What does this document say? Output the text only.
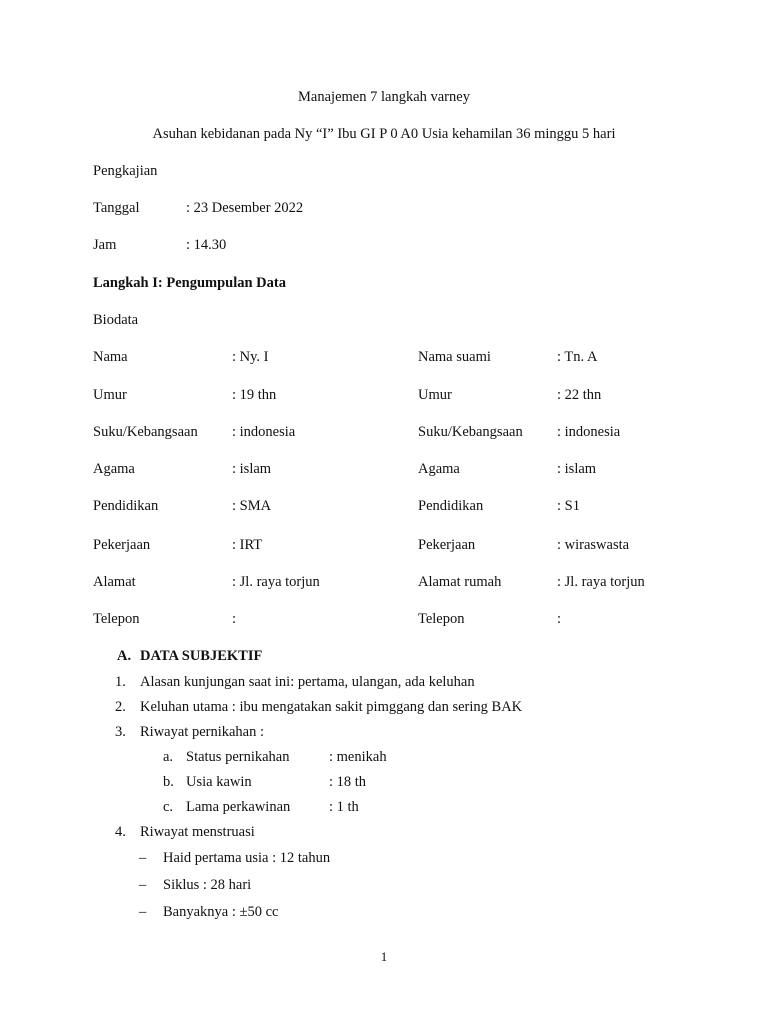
Manajemen 7 langkah varney
Asuhan kebidanan pada Ny “I” Ibu GI P 0 A0 Usia kehamilan 36 minggu 5 hari
Pengkajian
Tanggal	: 23 Desember 2022
Jam	: 14.30
Langkah I: Pengumpulan Data
Biodata
Nama	: Ny. I	Nama suami	: Tn. A
Umur	: 19 thn	Umur	: 22 thn
Suku/Kebangsaan : indonesia	Suku/Kebangsaan : indonesia
Agama	: islam	Agama	: islam
Pendidikan	: SMA	Pendidikan	: S1
Pekerjaan	: IRT	Pekerjaan	: wiraswasta
Alamat	: Jl. raya torjun	Alamat rumah	: Jl. raya torjun
Telepon	:	Telepon	:
A. DATA SUBJEKTIF
1. Alasan kunjungan saat ini: pertama, ulangan, ada keluhan
2. Keluhan utama : ibu mengatakan sakit pimggang dan sering BAK
3. Riwayat pernikahan :
a. Status pernikahan	: menikah
b. Usia kawin	: 18 th
c. Lama perkawinan	: 1 th
4. Riwayat menstruasi
– Haid pertama usia : 12 tahun
– Siklus : 28 hari
– Banyaknya : ±50 cc
1
